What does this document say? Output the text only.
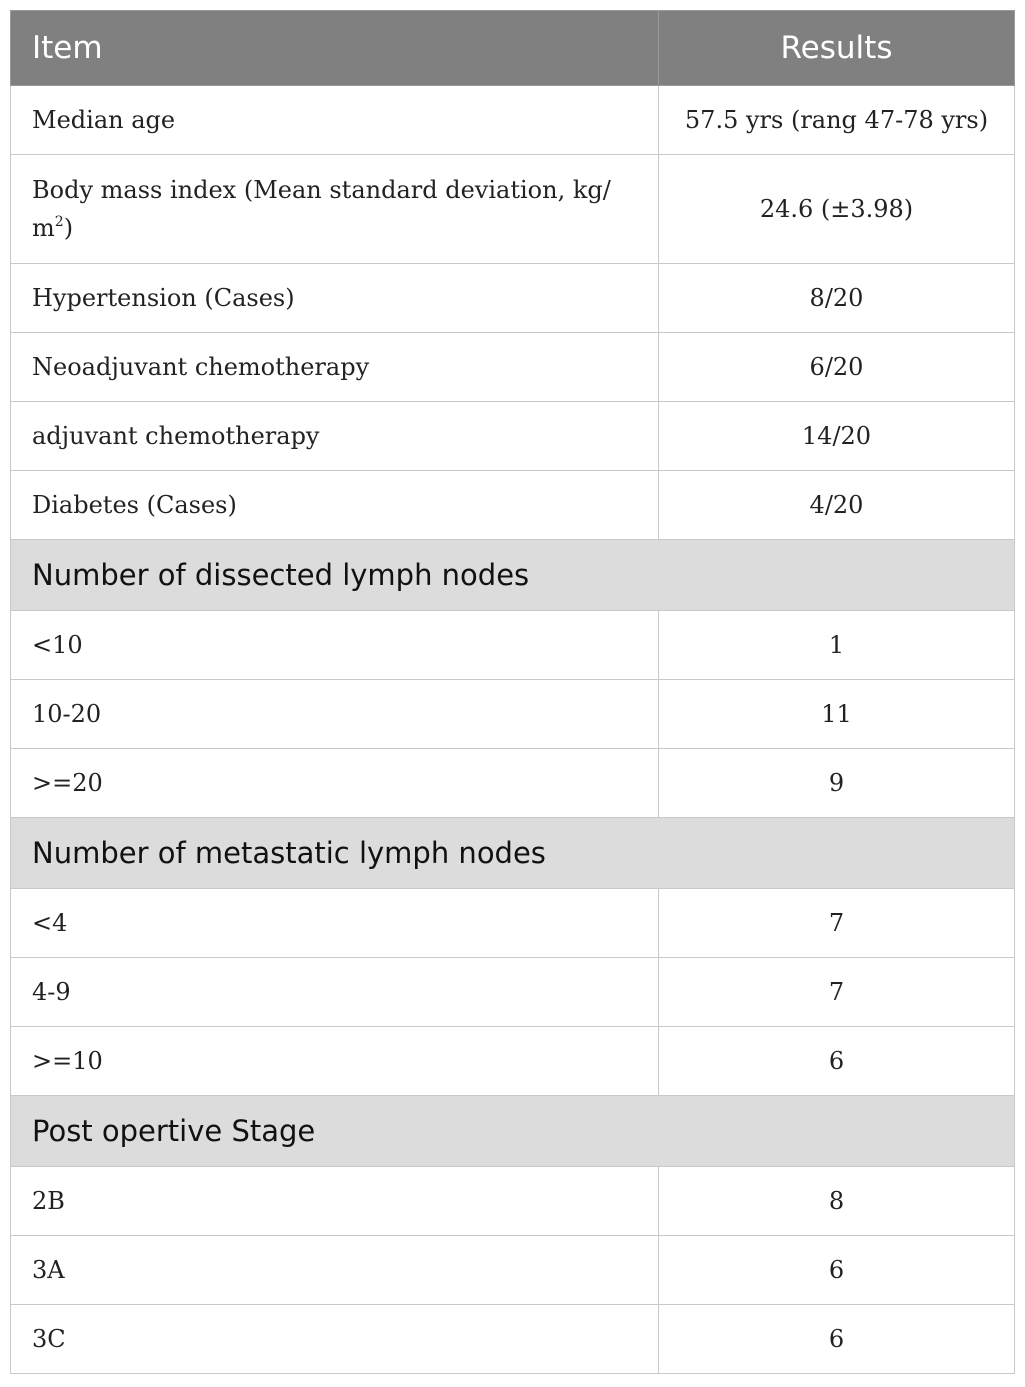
Item	Results
Median age	57.5 yrs (rang 47-78 yrs)
Body mass index (Mean standard deviation, kg/ $m^2$)	24.6 (±3.98)
Hypertension (Cases)	8/20
Neoadjuvant chemotherapy	6/20
adjuvant chemotherapy	14/20
Diabetes (Cases)	4/20
Number of dissected lymph nodes	
<10	1
10-20	11
>=20	9
Number of metastatic lymph nodes	
<4	7
4-9	7
>=10	6
Post opertive Stage	
2B	8
3A	6
3C	6
